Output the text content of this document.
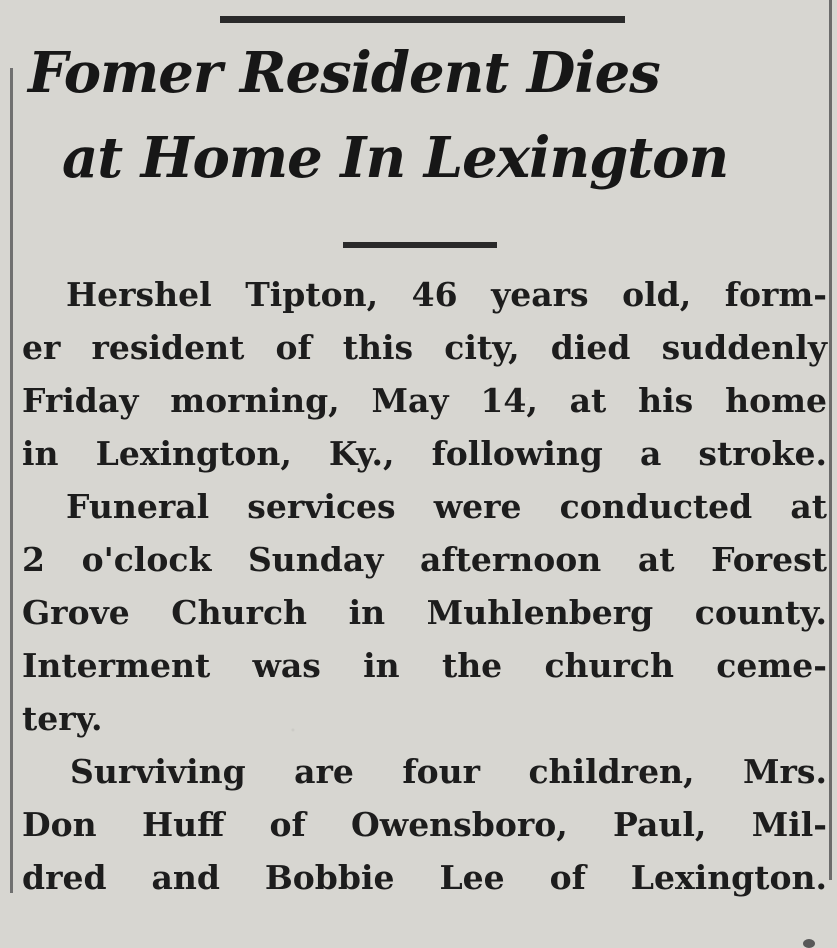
Fomer Resident Dies
at Home In Lexington
Hershel Tipton, 46 years old, form-
er resident of this city, died suddenly
Friday morning, May 14, at his home
in Lexington, Ky., following a stroke.
Funeral services were conducted at
2 o'clock Sunday afternoon at Forest
Grove Church in Muhlenberg county.
Interment was in the church ceme-
tery.
Surviving are four children, Mrs.
Don Huff of Owensboro, Paul, Mil-
dred and Bobbie Lee of Lexington.
